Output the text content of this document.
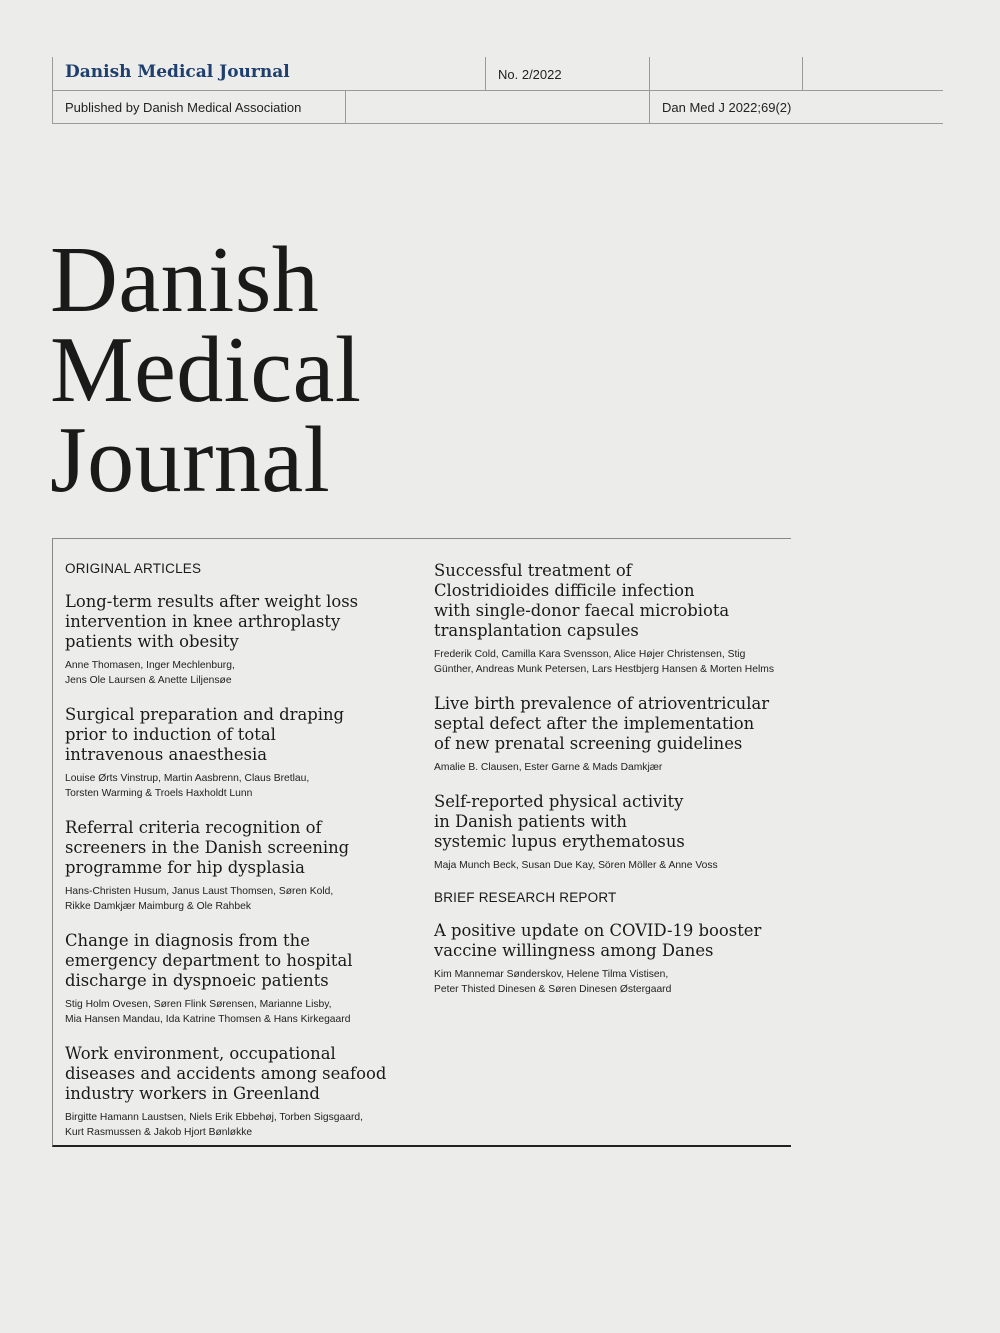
Danish Medical Journal	No. 2/2022
Published by Danish Medical Association	Dan Med J 2022;69(2)
Danish
Medical
Journal
ORIGINAL ARTICLES

Long-term results after weight loss
intervention in knee arthroplasty
patients with obesity

Anne Thomasen, Inger Mechlenburg,
Jens Ole Laursen & Anette Liljensøe

Surgical preparation and draping
prior to induction of total
intravenous anaesthesia

Louise Ørts Vinstrup, Martin Aasbrenn, Claus Bretlau,
Torsten Warming & Troels Haxholdt Lunn

Referral criteria recognition of
screeners in the Danish screening
programme for hip dysplasia

Hans-Christen Husum, Janus Laust Thomsen, Søren Kold,
Rikke Damkjær Maimburg & Ole Rahbek

Change in diagnosis from the
emergency department to hospital
discharge in dyspnoeic patients

Stig Holm Ovesen, Søren Flink Sørensen, Marianne Lisby,
Mia Hansen Mandau, Ida Katrine Thomsen & Hans Kirkegaard

Work environment, occupational
diseases and accidents among seafood
industry workers in Greenland

Birgitte Hamann Laustsen, Niels Erik Ebbehøj, Torben Sigsgaard,
Kurt Rasmussen & Jakob Hjort Bønløkke

Successful treatment of
Clostridioides difficile infection
with single-donor faecal microbiota
transplantation capsules

Frederik Cold, Camilla Kara Svensson, Alice Højer Christensen, Stig
Günther, Andreas Munk Petersen, Lars Hestbjerg Hansen & Morten Helms

Live birth prevalence of atrioventricular
septal defect after the implementation
of new prenatal screening guidelines

Amalie B. Clausen, Ester Garne & Mads Damkjær

Self-reported physical activity
in Danish patients with
systemic lupus erythematosus

Maja Munch Beck, Susan Due Kay, Sören Möller & Anne Voss

BRIEF RESEARCH REPORT

A positive update on COVID-19 booster
vaccine willingness among Danes

Kim Mannemar Sønderskov, Helene Tilma Vistisen,
Peter Thisted Dinesen & Søren Dinesen Østergaard
